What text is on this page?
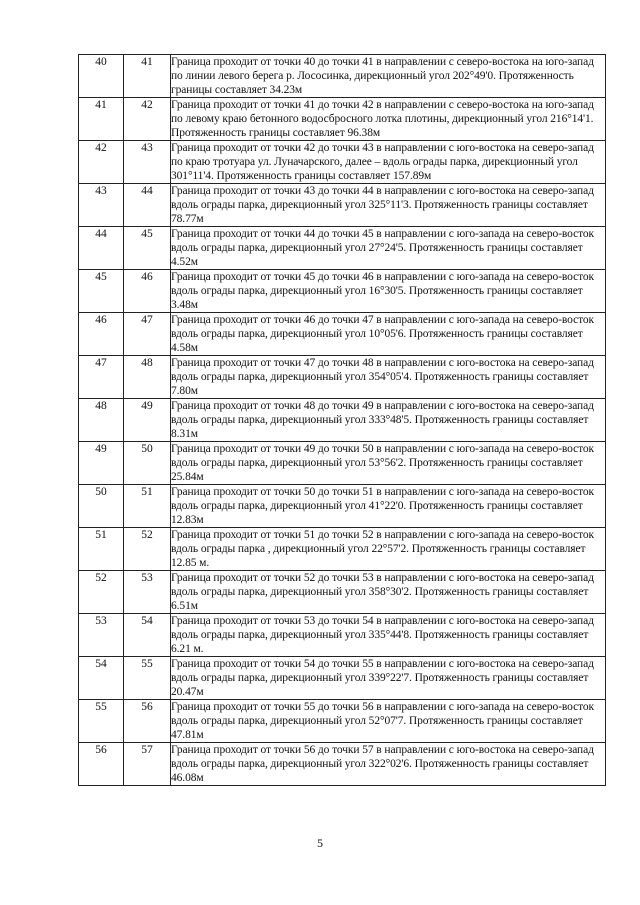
40	41	Граница проходит от точки 40 до точки 41 в направлении с северо-востока на юго-запад по линии левого берега р. Лососинка, дирекционный угол 202°49'0. Протяженность границы составляет 34.23м
41	42	Граница проходит от точки 41 до точки 42 в направлении с северо-востока на юго-запад по левому краю бетонного водосбросного лотка плотины, дирекционный угол 216°14'1. Протяженность границы составляет 96.38м
42	43	Граница проходит от точки 42 до точки 43 в направлении с юго-востока на северо-запад по краю тротуара ул. Луначарского, далее – вдоль ограды парка, дирекционный угол 301°11'4. Протяженность границы составляет 157.89м
43	44	Граница проходит от точки 43 до точки 44 в направлении с юго-востока на северо-запад вдоль ограды парка, дирекционный угол 325°11'3. Протяженность границы составляет 78.77м
44	45	Граница проходит от точки 44 до точки 45 в направлении с юго-запада на северо-восток вдоль ограды парка, дирекционный угол 27°24'5. Протяженность границы составляет 4.52м
45	46	Граница проходит от точки 45 до точки 46 в направлении с юго-запада на северо-восток вдоль ограды парка, дирекционный угол 16°30'5. Протяженность границы составляет 3.48м
46	47	Граница проходит от точки 46 до точки 47 в направлении с юго-запада на северо-восток вдоль ограды парка, дирекционный угол 10°05'6. Протяженность границы составляет 4.58м
47	48	Граница проходит от точки 47 до точки 48 в направлении с юго-востока на северо-запад вдоль ограды парка, дирекционный угол 354°05'4. Протяженность границы составляет 7.80м
48	49	Граница проходит от точки 48 до точки 49 в направлении с юго-востока на северо-запад вдоль ограды парка, дирекционный угол 333°48'5. Протяженность границы составляет 8.31м
49	50	Граница проходит от точки 49 до точки 50 в направлении с юго-запада на северо-восток вдоль ограды парка, дирекционный угол 53°56'2. Протяженность границы составляет 25.84м
50	51	Граница проходит от точки 50 до точки 51 в направлении с юго-запада на северо-восток вдоль ограды парка, дирекционный угол 41°22'0. Протяженность границы составляет 12.83м
51	52	Граница проходит от точки 51 до точки 52 в направлении с юго-запада на северо-восток вдоль ограды парка , дирекционный угол 22°57'2. Протяженность границы составляет 12.85 м.
52	53	Граница проходит от точки 52 до точки 53 в направлении с юго-востока на северо-запад вдоль ограды парка, дирекционный угол 358°30'2. Протяженность границы составляет 6.51м
53	54	Граница проходит от точки 53 до точки 54 в направлении с юго-востока на северо-запад вдоль ограды парка, дирекционный угол 335°44'8. Протяженность границы составляет 6.21 м.
54	55	Граница проходит от точки 54 до точки 55 в направлении с юго-востока на северо-запад вдоль ограды парка, дирекционный угол 339°22'7. Протяженность границы составляет 20.47м
55	56	Граница проходит от точки 55 до точки 56 в направлении с юго-запада на северо-восток вдоль ограды парка, дирекционный угол 52°07'7. Протяженность границы составляет 47.81м
56	57	Граница проходит от точки 56 до точки 57 в направлении с юго-востока на северо-запад вдоль ограды парка, дирекционный угол 322°02'6. Протяженность границы составляет 46.08м
5
